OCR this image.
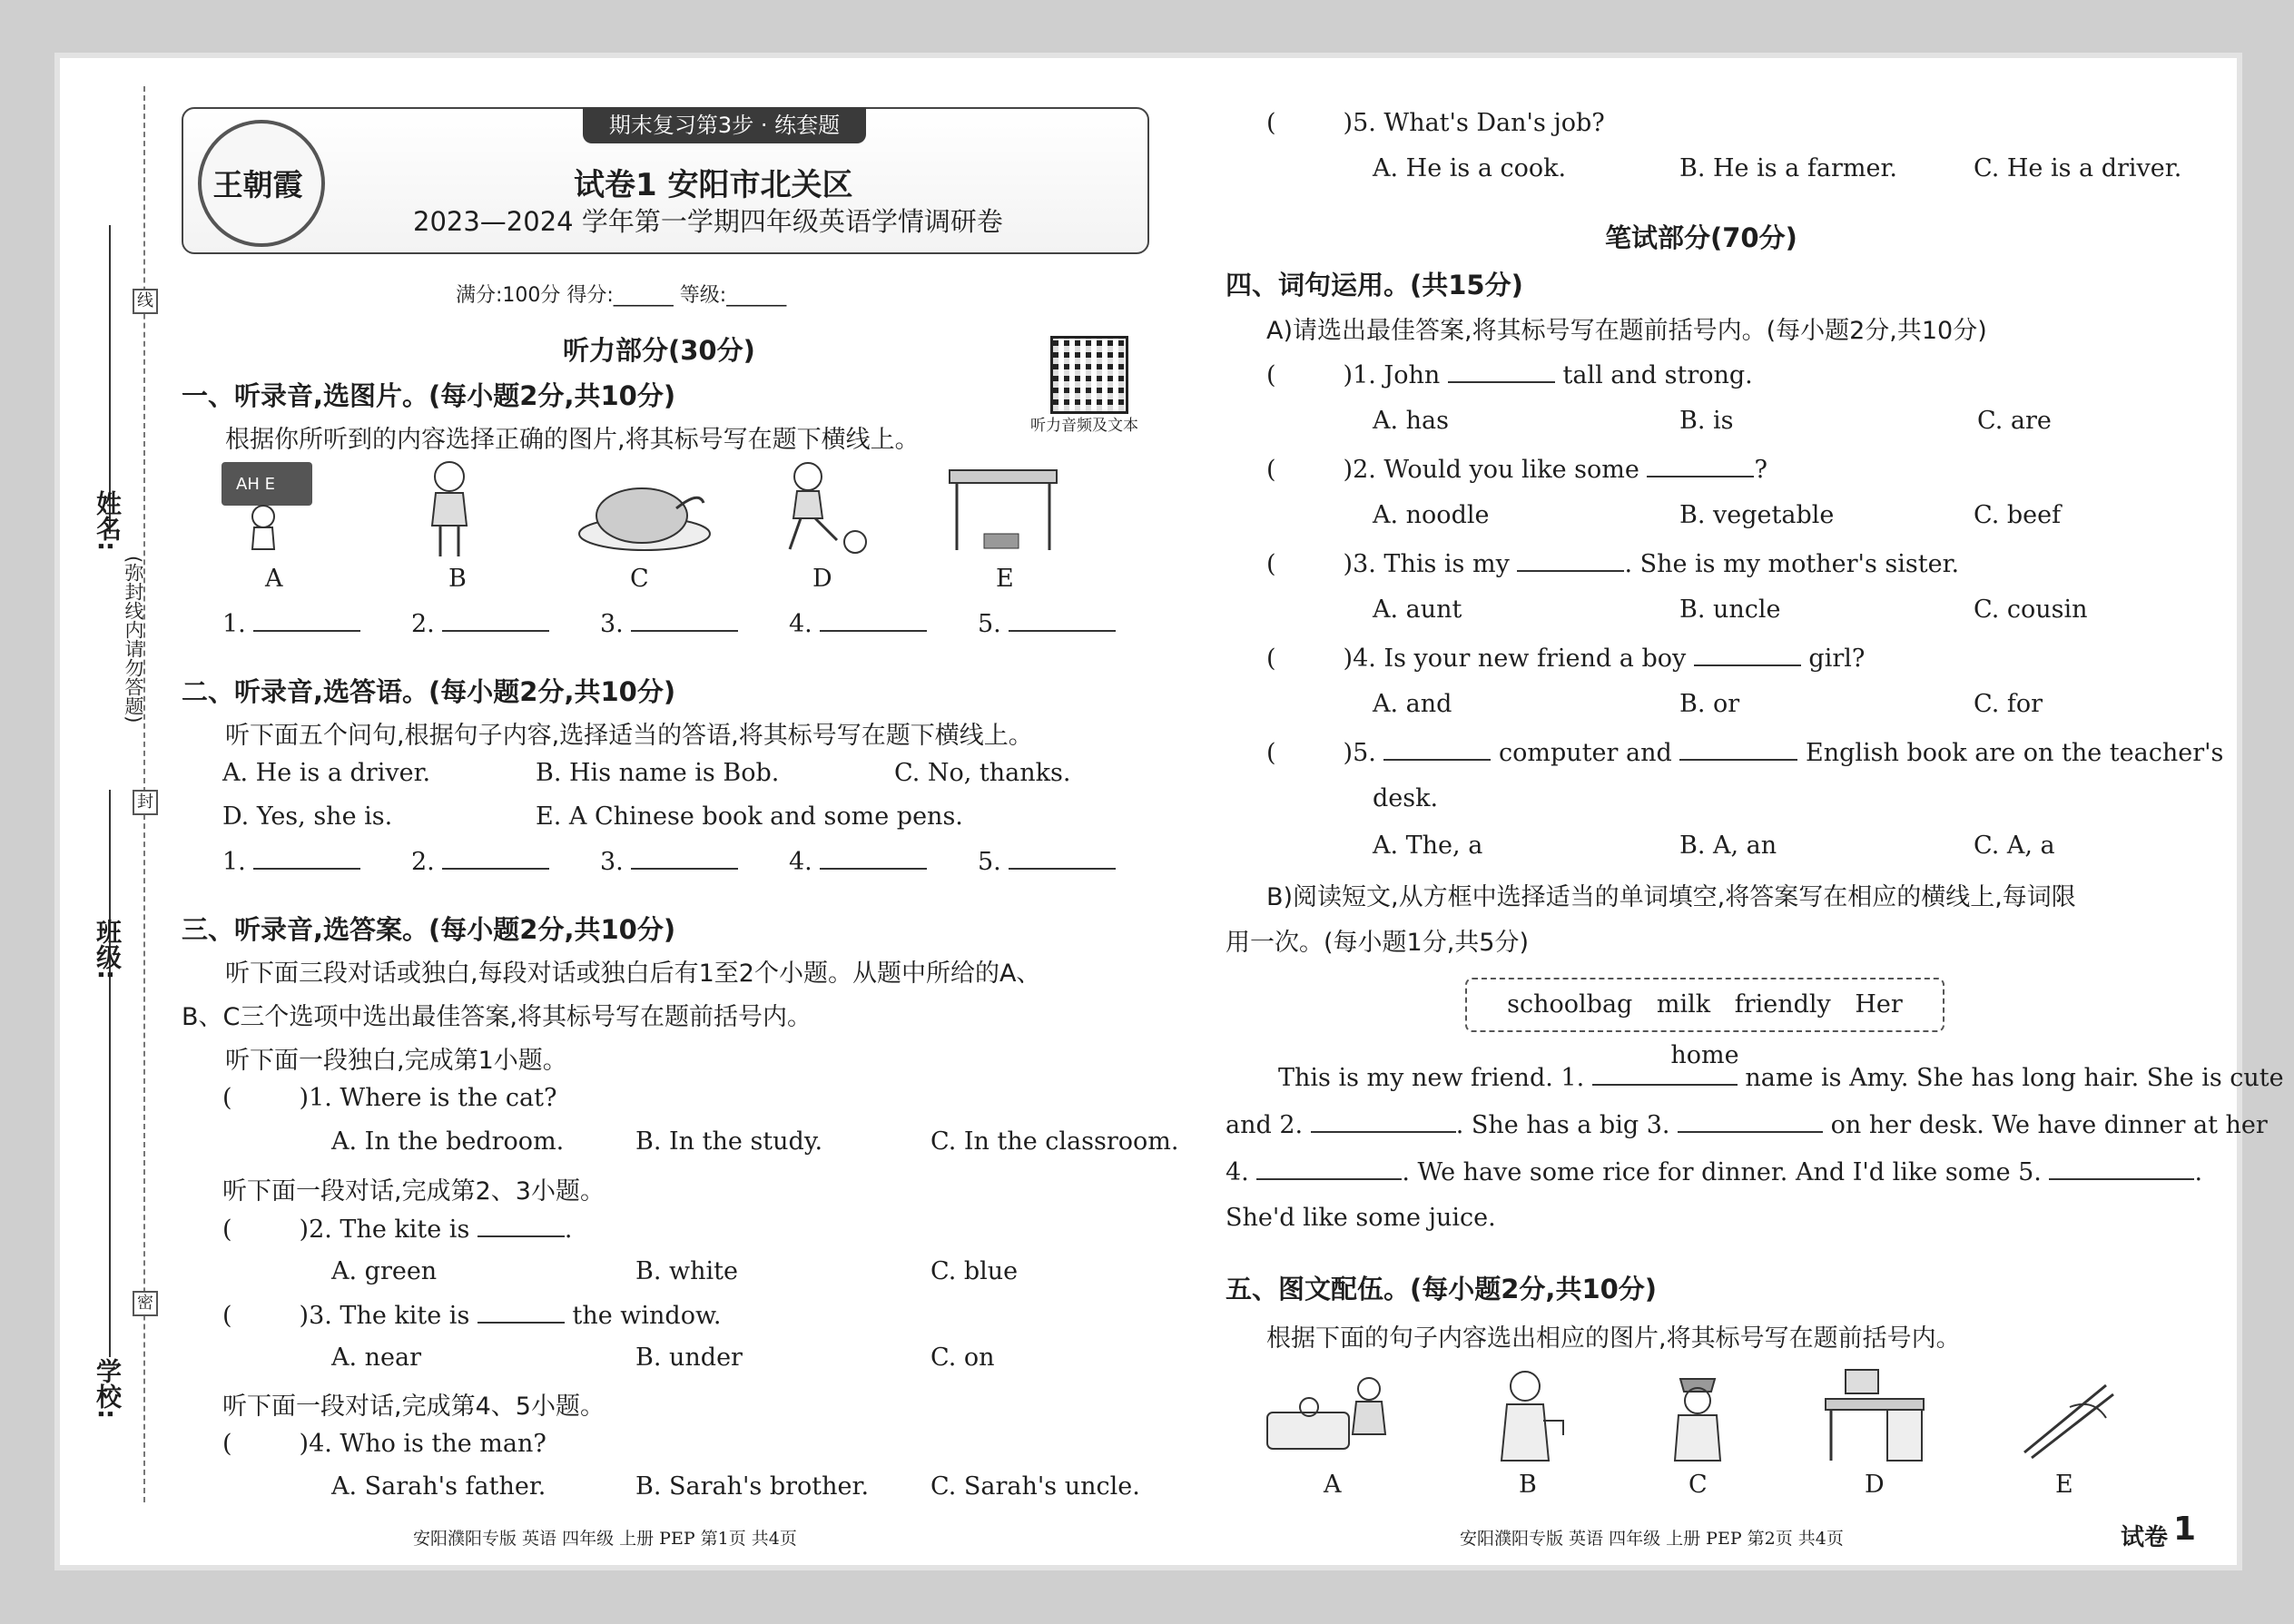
姓名:
班级:
学校:
线
封
密
(弥封线内请勿答题)
期末复习第3步 · 练套题
王朝霞	试卷1 安阳市北关区
2023—2024 学年第一学期四年级英语学情调研卷
满分:100分 得分:______ 等级:______
听力音频及文本
听力部分(30分)
一、听录音,选图片。(每小题2分,共10分)
根据你所听到的内容选择正确的图片,将其标号写在题下横线上。
AH E
A	B	C	D	E
1.	2.	3.	4.	5.
二、听录音,选答语。(每小题2分,共10分)
听下面五个问句,根据句子内容,选择适当的答语,将其标号写在题下横线上。
A. He is a driver.	B. His name is Bob.	C. No, thanks.
D. Yes, she is.	E. A Chinese book and some pens.
1.	2.	3.	4.	5.
三、听录音,选答案。(每小题2分,共10分)
听下面三段对话或独白,每段对话或独白后有1至2个小题。从题中所给的A、
B、C三个选项中选出最佳答案,将其标号写在题前括号内。
听下面一段独白,完成第1小题。
(	)1. Where is the cat?
A. In the bedroom.	B. In the study.	C. In the classroom.
听下面一段对话,完成第2、3小题。
(	)2. The kite is	.
A. green	B. white	C. blue
(	)3. The kite is	the window.
A. near	B. under	C. on
听下面一段对话,完成第4、5小题。
(	)4. Who is the man?
A. Sarah's father.	B. Sarah's brother.	C. Sarah's uncle.
安阳濮阳专版 英语 四年级 上册 PEP 第1页 共4页
(	)5. What's Dan's job?
A. He is a cook.	B. He is a farmer.	C. He is a driver.
笔试部分(70分)
四、词句运用。(共15分)
A)请选出最佳答案,将其标号写在题前括号内。(每小题2分,共10分)
(	)1. John	tall and strong.
A. has	B. is	C. are
(	)2. Would you like some	?
A. noodle	B. vegetable	C. beef
(	)3. This is my	. She is my mother's sister.
A. aunt	B. uncle	C. cousin
(	)4. Is your new friend a boy	girl?
A. and	B. or	C. for
(	)5.	computer and	English book are on the teacher's
desk.
A. The, a	B. A, an	C. A, a
B)阅读短文,从方框中选择适当的单词填空,将答案写在相应的横线上,每词限
用一次。(每小题1分,共5分)
schoolbag milk friendly Her home
This is my new friend. 1.	name is Amy. She has long hair. She is cute
and 2.	. She has a big 3.	on her desk. We have dinner at her
4.	. We have some rice for dinner. And I'd like some 5.	.
She'd like some juice.
五、图文配伍。(每小题2分,共10分)
根据下面的句子内容选出相应的图片,将其标号写在题前括号内。
A	B	C	D	E
安阳濮阳专版 英语 四年级 上册 PEP 第2页 共4页	试卷 1
